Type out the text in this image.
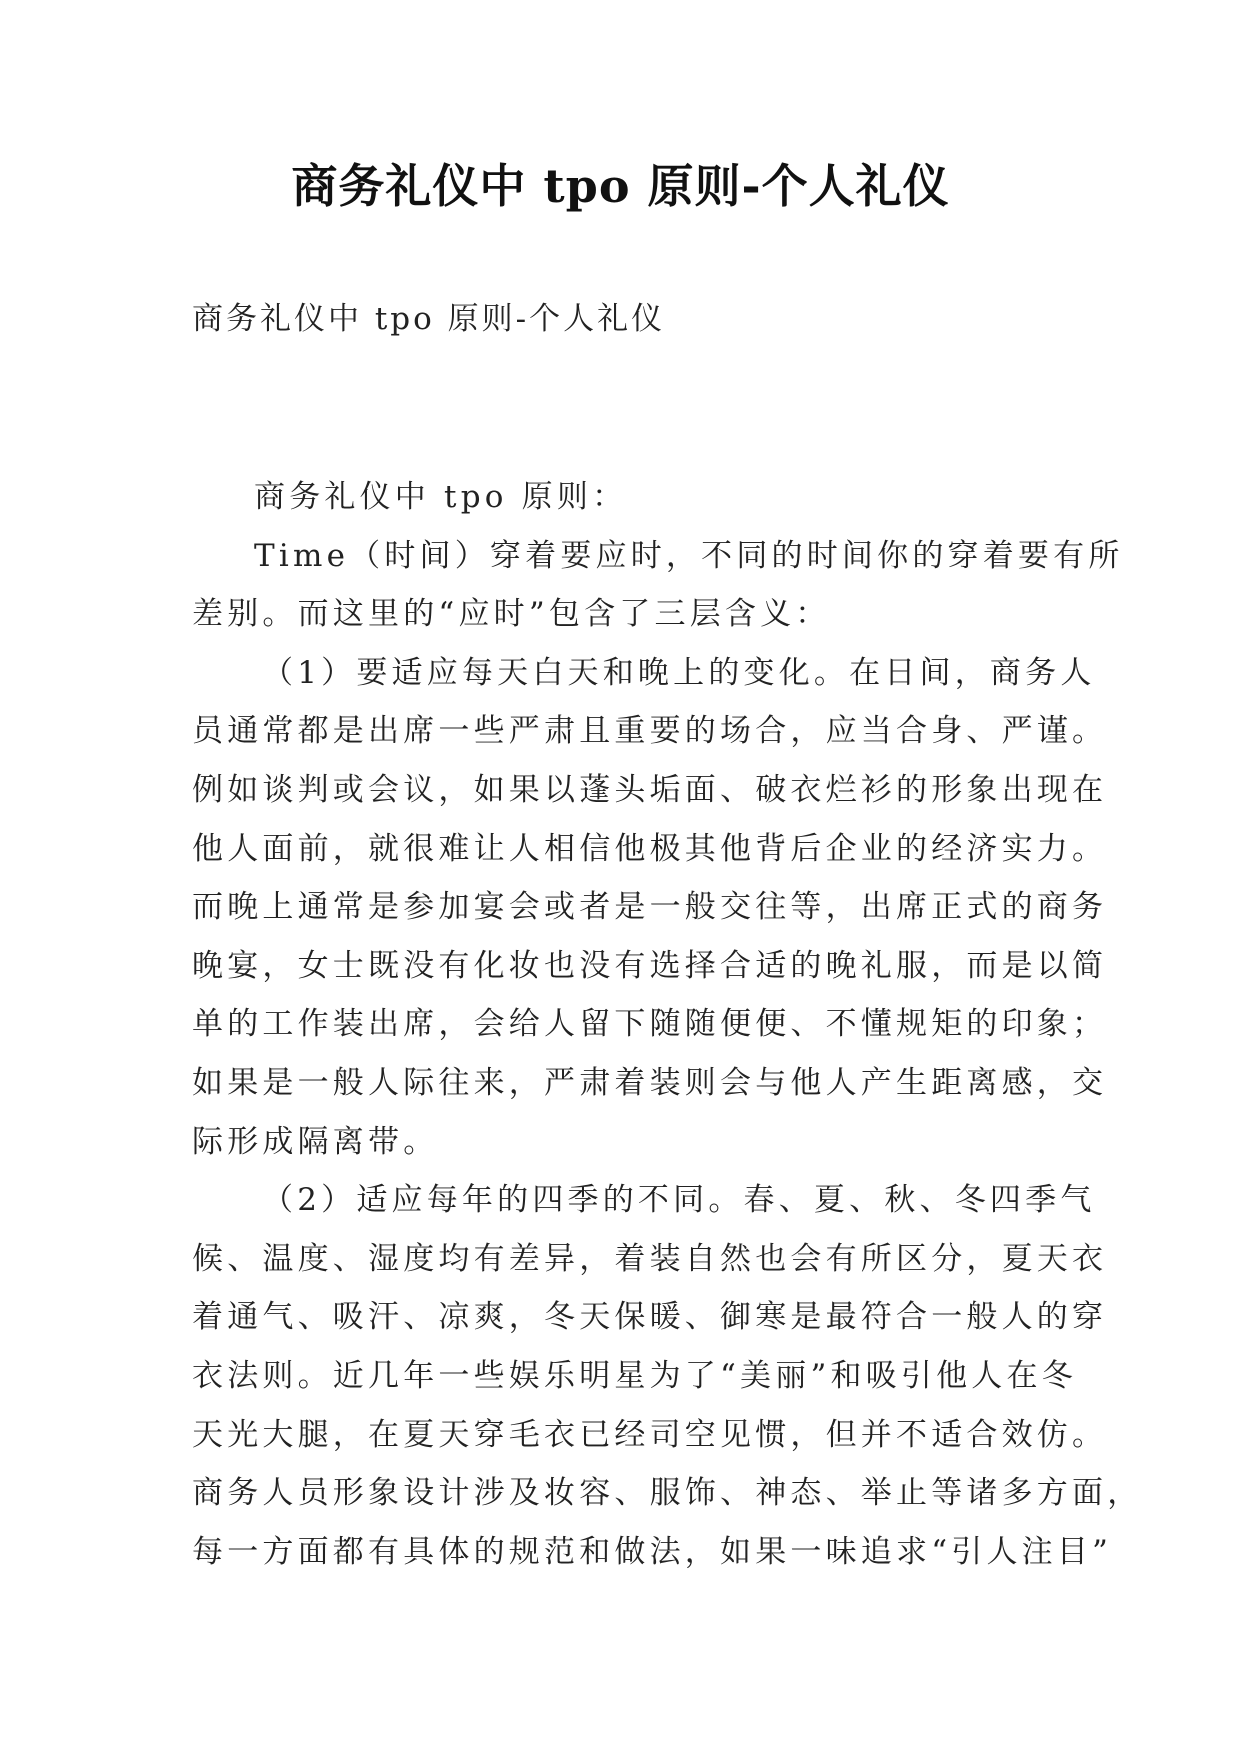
商务礼仪中 tpo 原则-个人礼仪
商务礼仪中 tpo 原则-个人礼仪
商务礼仪中 tpo 原则：
Time（时间）穿着要应时，不同的时间你的穿着要有所
差别。而这里的“应时”包含了三层含义：
（1）要适应每天白天和晚上的变化。在日间，商务人
员通常都是出席一些严肃且重要的场合，应当合身、严谨。
例如谈判或会议，如果以蓬头垢面、破衣烂衫的形象出现在
他人面前，就很难让人相信他极其他背后企业的经济实力。
而晚上通常是参加宴会或者是一般交往等，出席正式的商务
晚宴，女士既没有化妆也没有选择合适的晚礼服，而是以简
单的工作装出席，会给人留下随随便便、不懂规矩的印象；
如果是一般人际往来，严肃着装则会与他人产生距离感，交
际形成隔离带。
（2）适应每年的四季的不同。春、夏、秋、冬四季气
候、温度、湿度均有差异，着装自然也会有所区分，夏天衣
着通气、吸汗、凉爽，冬天保暖、御寒是最符合一般人的穿
衣法则。近几年一些娱乐明星为了“美丽”和吸引他人在冬
天光大腿，在夏天穿毛衣已经司空见惯，但并不适合效仿。
商务人员形象设计涉及妆容、服饰、神态、举止等诸多方面，
每一方面都有具体的规范和做法，如果一味追求“引人注目”
